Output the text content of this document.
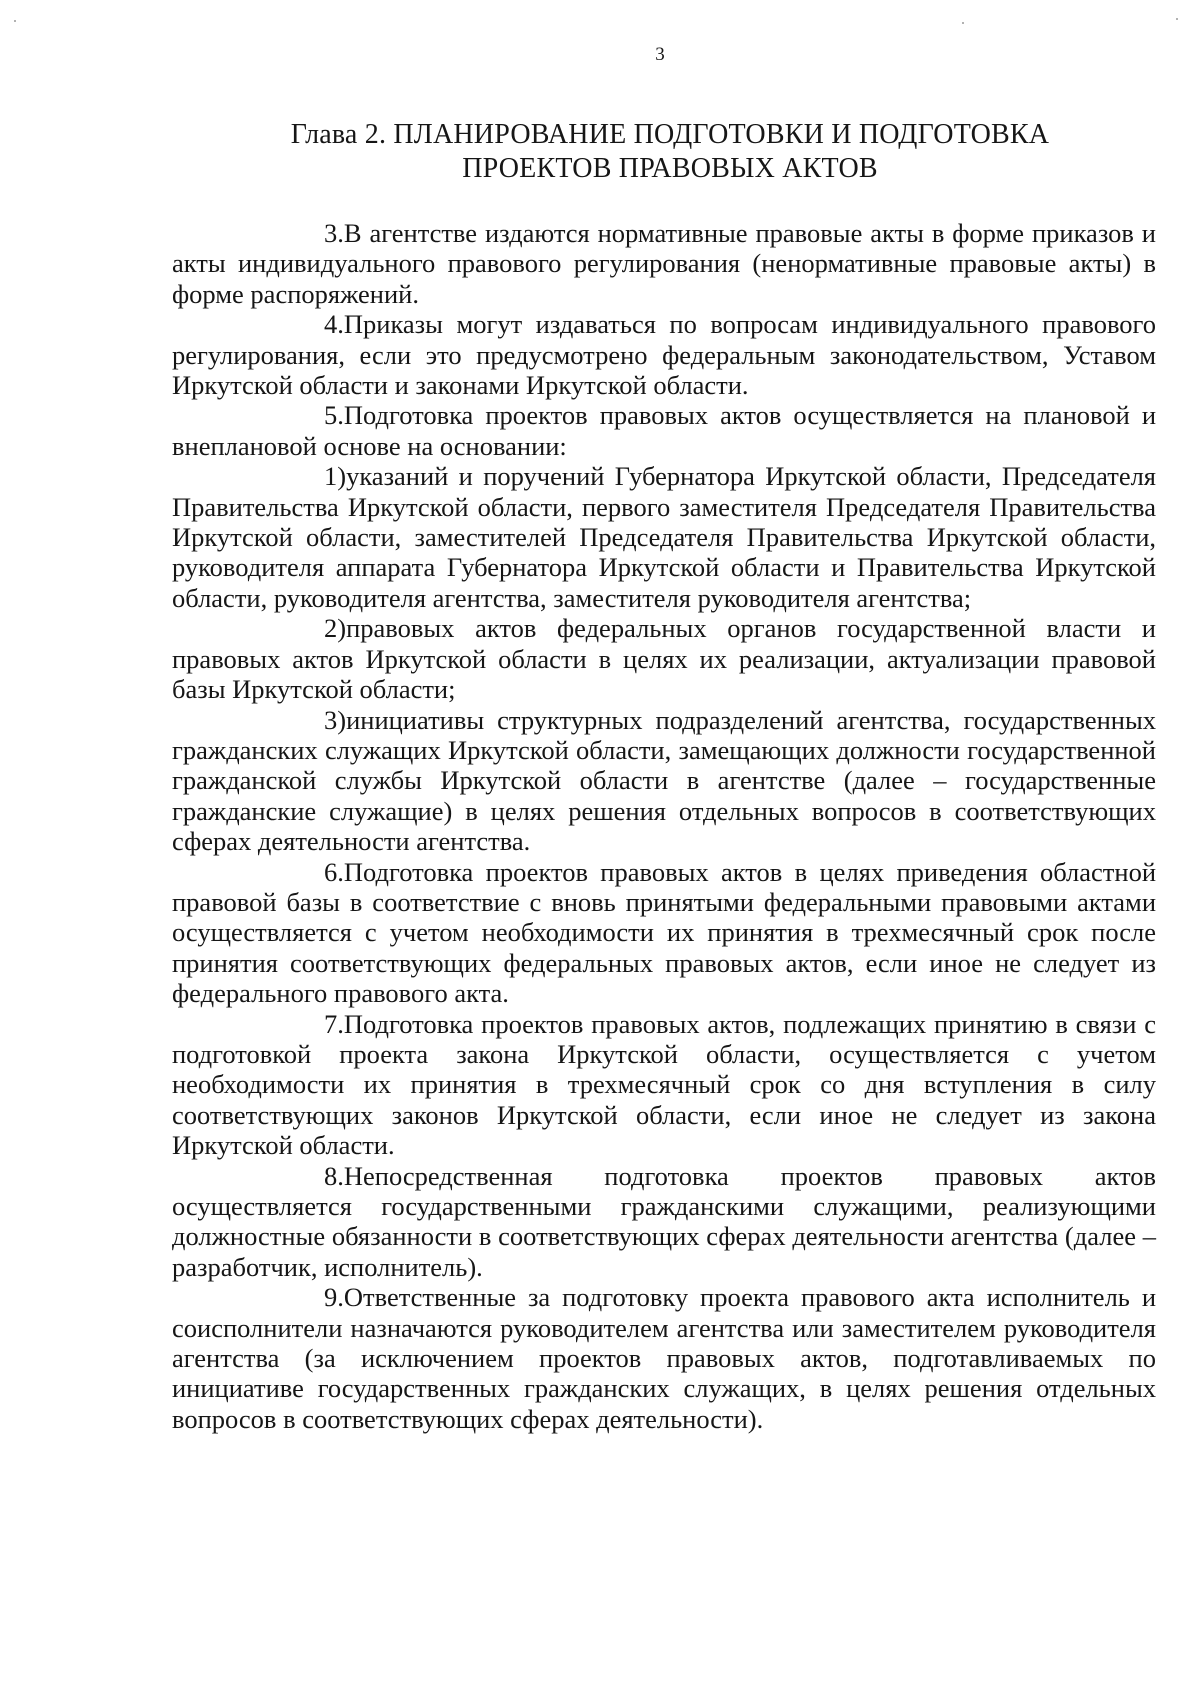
3
Глава 2. ПЛАНИРОВАНИЕ ПОДГОТОВКИ И ПОДГОТОВКА
ПРОЕКТОВ ПРАВОВЫХ АКТОВ

3.В агентстве издаются нормативные правовые акты в форме приказов и акты индивидуального правового регулирования (ненормативные правовые акты) в форме распоряжений.

4.Приказы могут издаваться по вопросам индивидуального правового регулирования, если это предусмотрено федеральным законодательством, Уставом Иркутской области и законами Иркутской области.

5.Подготовка проектов правовых актов осуществляется на плановой и внеплановой основе на основании:

1)указаний и поручений Губернатора Иркутской области, Председателя Правительства Иркутской области, первого заместителя Председателя Правительства Иркутской области, заместителей Председателя Правительства Иркутской области, руководителя аппарата Губернатора Иркутской области и Правительства Иркутской области, руководителя агентства, заместителя руководителя агентства;

2)правовых актов федеральных органов государственной власти и правовых актов Иркутской области в целях их реализации, актуализации правовой базы Иркутской области;

3)инициативы структурных подразделений агентства, государственных гражданских служащих Иркутской области, замещающих должности государственной гражданской службы Иркутской области в агентстве (далее – государственные гражданские служащие) в целях решения отдельных вопросов в соответствующих сферах деятельности агентства.

6.Подготовка проектов правовых актов в целях приведения областной правовой базы в соответствие с вновь принятыми федеральными правовыми актами осуществляется с учетом необходимости их принятия в трехмесячный срок после принятия соответствующих федеральных правовых актов, если иное не следует из федерального правового акта.

7.Подготовка проектов правовых актов, подлежащих принятию в связи с подготовкой проекта закона Иркутской области, осуществляется с учетом необходимости их принятия в трехмесячный срок со дня вступления в силу соответствующих законов Иркутской области, если иное не следует из закона Иркутской области.

8.Непосредственная подготовка проектов правовых актов осуществляется государственными гражданскими служащими, реализующими должностные обязанности в соответствующих сферах деятельности агентства (далее – разработчик, исполнитель).

9.Ответственные за подготовку проекта правового акта исполнитель и соисполнители назначаются руководителем агентства или заместителем руководителя агентства (за исключением проектов правовых актов, подготавливаемых по инициативе государственных гражданских служащих, в целях решения отдельных вопросов в соответствующих сферах деятельности).
